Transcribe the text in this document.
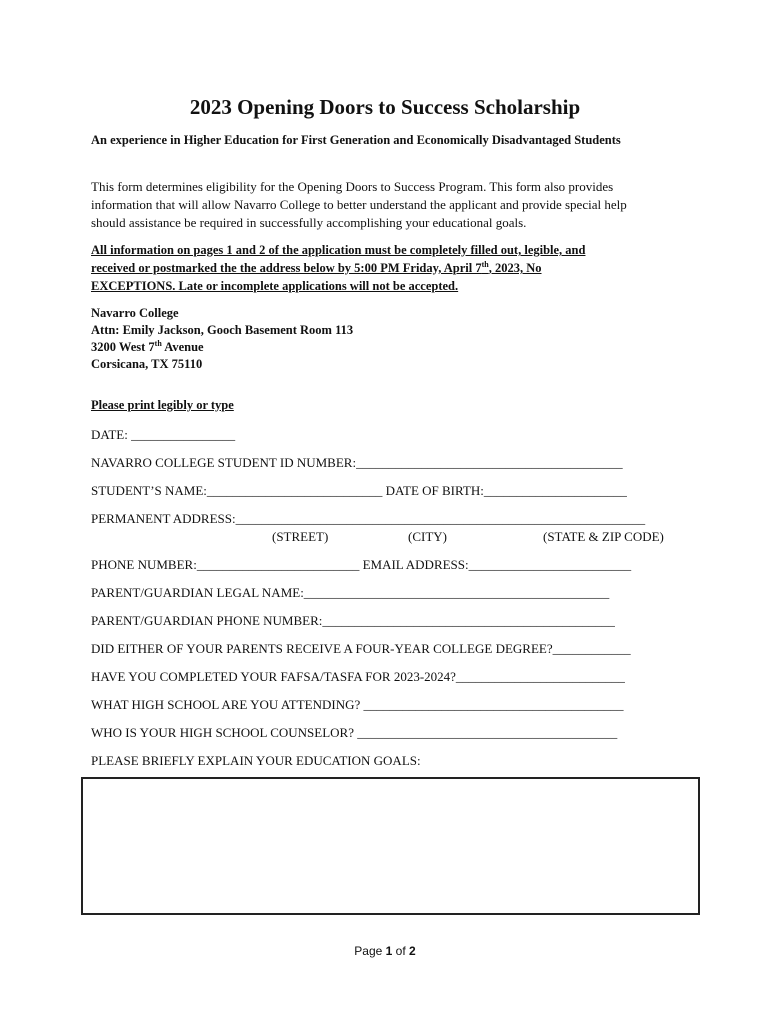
2023 Opening Doors to Success Scholarship
An experience in Higher Education for First Generation and Economically Disadvantaged Students
This form determines eligibility for the Opening Doors to Success Program. This form also provides
information that will allow Navarro College to better understand the applicant and provide special help
should assistance be required in successfully accomplishing your educational goals.
All information on pages 1 and 2 of the application must be completely filled out, legible, and
received or postmarked the the address below by 5:00 PM Friday, April 7th, 2023, No
EXCEPTIONS. Late or incomplete applications will not be accepted.
Navarro College
Attn: Emily Jackson, Gooch Basement Room 113
3200 West 7th Avenue
Corsicana, TX 75110
Please print legibly or type
DATE: ________________
NAVARRO COLLEGE STUDENT ID NUMBER:_________________________________________
STUDENT’S NAME:___________________________ DATE OF BIRTH:______________________
PERMANENT ADDRESS:_______________________________________________________________
(STREET)	(CITY)	(STATE & ZIP CODE)
PHONE NUMBER:_________________________ EMAIL ADDRESS:_________________________
PARENT/GUARDIAN LEGAL NAME:_______________________________________________
PARENT/GUARDIAN PHONE NUMBER:_____________________________________________
DID EITHER OF YOUR PARENTS RECEIVE A FOUR-YEAR COLLEGE DEGREE?____________
HAVE YOU COMPLETED YOUR FAFSA/TASFA FOR 2023-2024?__________________________
WHAT HIGH SCHOOL ARE YOU ATTENDING? ________________________________________
WHO IS YOUR HIGH SCHOOL COUNSELOR? ________________________________________
PLEASE BRIEFLY EXPLAIN YOUR EDUCATION GOALS:
Page 1 of 2
